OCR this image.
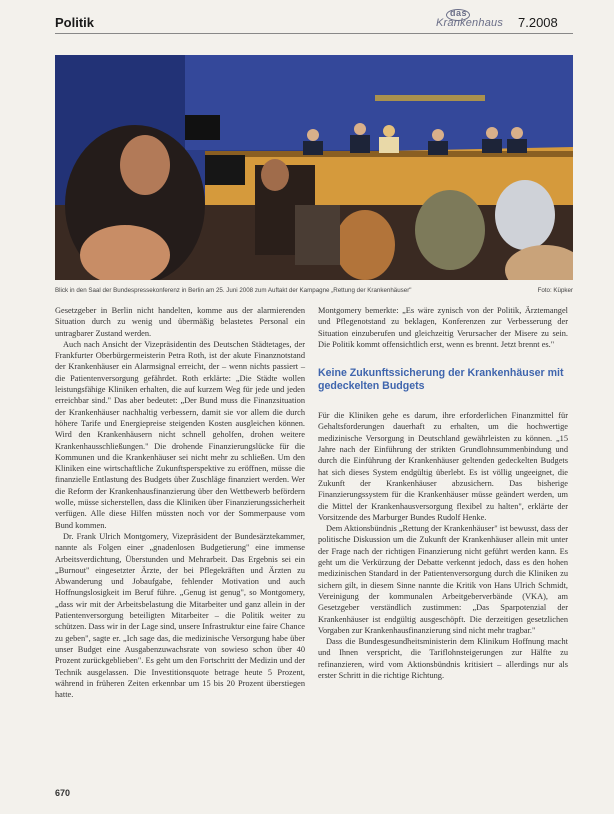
Politik
das
Krankenhaus 7.2008
Blick in den Saal der Bundespressekonferenz in Berlin am 25. Juni 2008 zum Auftakt der Kampagne „Rettung der Krankenhäuser"	Foto: Küpker

Gesetzgeber in Berlin nicht handelten, komme aus der alarmierenden Situation durch zu wenig und übermäßig belastetes Personal ein untragbarer Zustand werden.

Auch nach Ansicht der Vizepräsidentin des Deutschen Städtetages, der Frankfurter Oberbürgermeisterin Petra Roth, ist der akute Finanznotstand der Krankenhäuser ein Alarmsignal erreicht, der – wenn nichts passiert – die Patientenversorgung gefährdet. Roth erklärte: „Die Städte wollen leistungsfähige Kliniken erhalten, die auf kurzem Weg für jede und jeden erreichbar sind." Das aber bedeutet: „Der Bund muss die Finanzsituation der Krankenhäuser nachhaltig verbessern, damit sie vor allem die durch höhere Tarife und Energiepreise steigenden Kosten ausgleichen können. Wird den Krankenhäusern nicht schnell geholfen, drohen weitere Krankenhausschließungen." Die drohende Finanzierungslücke für die Kommunen und die Krankenhäuser sei nicht mehr zu schließen. Um den Kliniken eine wirtschaftliche Zukunftsperspektive zu eröffnen, müsse die finanzielle Entlastung des Budgets über Zuschläge finanziert werden. Wer die Reform der Krankenhausfinanzierung über den Wettbewerb befördern wolle, müsse sicherstellen, dass die Kliniken über Finanzierungssicherheit verfügen. Alle diese Hilfen müssten noch vor der Sommerpause vom Bund kommen.

Dr. Frank Ulrich Montgomery, Vizepräsident der Bundesärztekammer, nannte als Folgen einer „gnadenlosen Budgetierung" eine immense Arbeitsverdichtung, Überstunden und Mehrarbeit. Das Ergebnis sei ein „Burnout" eingesetzter Ärzte, der bei Pflegekräften und Ärzten zu Abwanderung und Jobaufgabe, fehlender Motivation und auch Hoffnungslosigkeit im Beruf führe. „Genug ist genug", so Montgomery, „dass wir mit der Arbeitsbelastung die Mitarbeiter und ganz allein in der Patientenversorgung beteiligten Mitarbeiter – die Politik weiter zu schützen. Dass wir in der Lage sind, unsere Infrastruktur eine faire Chance zu geben", sagte er. „Ich sage das, die medizinische Versorgung habe über unser Budget eine Ausgabenzuwachsrate von sowieso schon über 40 Prozent zurückgeblieben". Es geht um den Fortschritt der Medizin und der Technik ausgelassen. Die Investitionsquote betrage heute 5 Prozent, während in früheren Zeiten erkennbar um 15 bis 20 Prozent überstiegen hatte.

Montgomery bemerkte: „Es wäre zynisch von der Politik, Ärztemangel und Pflegenotstand zu beklagen, Konferenzen zur Verbesserung der Situation einzuberufen und gleichzeitig Verursacher der Misere zu sein. Die Politik kommt offensichtlich erst, wenn es brennt. Jetzt brennt es."

Keine Zukunftssicherung der Krankenhäuser mit gedeckelten Budgets

Für die Kliniken gehe es darum, ihre erforderlichen Finanzmittel für Gehaltsforderungen dauerhaft zu erhalten, um die hochwertige medizinische Versorgung in Deutschland gewährleisten zu können. „15 Jahre nach der Einführung der strikten Grundlohnsummenbindung und durch die Einführung der Krankenhäuser geltenden gedeckelten Budgets hat sich dieses System endgültig überlebt. Es ist völlig ungeeignet, die Zukunft der Krankenhäuser abzusichern. Das bisherige Finanzierungssystem für die Krankenhäuser müsse geändert werden, um die Mittel der Krankenhausversorgung flexibel zu halten", erklärte der Vorsitzende des Marburger Bundes Rudolf Henke.

Dem Aktionsbündnis „Rettung der Krankenhäuser" ist bewusst, dass der politische Diskussion um die Zukunft der Krankenhäuser allein mit unter der Frage nach der richtigen Finanzierung nicht geführt werden kann. Es geht um die Verkürzung der Debatte verkennt jedoch, dass es den hohen medizinischen Standard in der Patientenversorgung durch die Kliniken zu sichern gilt, in diesem Sinne nannte die Kritik von Hans Ulrich Schmidt, Vereinigung der kommunalen Arbeitgeberverbände (VKA), am Gesetzgeber verständlich zustimmen: „Das Sparpotenzial der Krankenhäuser ist endgültig ausgeschöpft. Die derzeitigen gesetzlichen Vorgaben zur Krankenhausfinanzierung sind nicht mehr tragbar."

Dass die Bundesgesundheitsministerin dem Klinikum Hoffnung macht und Ihnen verspricht, die Tariflohnsteigerungen zur Hälfte zu refinanzieren, wird vom Aktionsbündnis kritisiert – allerdings nur als erster Schritt in die richtige Richtung.

670
